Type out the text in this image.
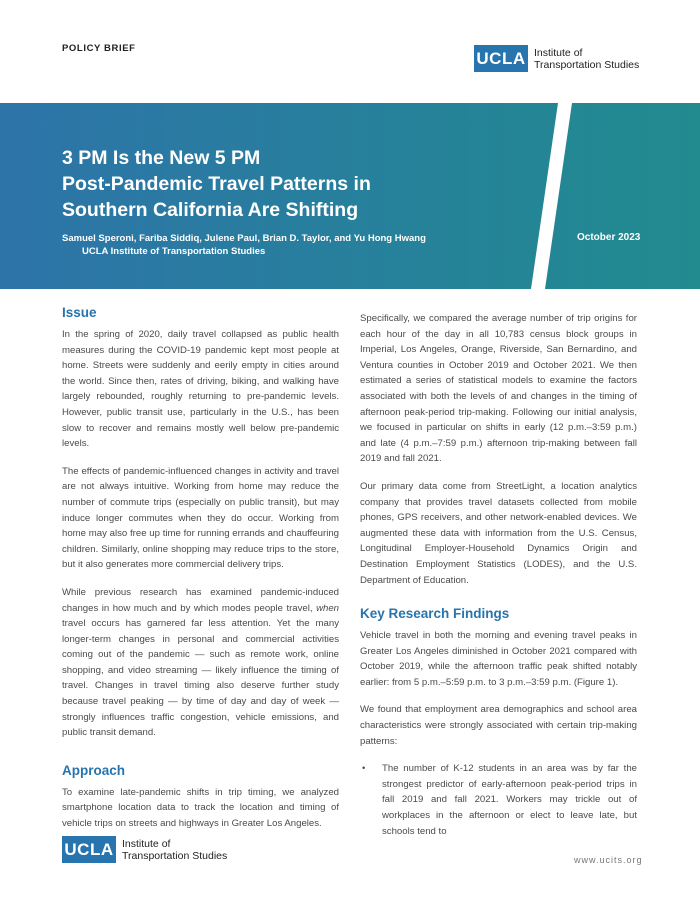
POLICY BRIEF	UCLA Institute of
Transportation Studies
3 PM Is the New 5 PM
Post-Pandemic Travel Patterns in
Southern California Are Shifting
Samuel Speroni, Fariba Siddiq, Julene Paul, Brian D. Taylor, and Yu Hong Hwang
UCLA Institute of Transportation Studies
October 2023
Issue

In the spring of 2020, daily travel collapsed as public health measures during the COVID-19 pandemic kept most people at home. Streets were suddenly and eerily empty in cities around the world. Since then, rates of driving, biking, and walking have largely rebounded, roughly returning to pre-pandemic levels. However, public transit use, particularly in the U.S., has been slow to recover and remains mostly well below pre-pandemic levels.

The effects of pandemic-influenced changes in activity and travel are not always intuitive. Working from home may reduce the number of commute trips (especially on public transit), but may induce longer commutes when they do occur. Working from home may also free up time for running errands and chauffeuring children. Similarly, online shopping may reduce trips to the store, but it also generates more commercial delivery trips.

While previous research has examined pandemic-induced changes in how much and by which modes people travel, when travel occurs has garnered far less attention. Yet the many longer-term changes in personal and commercial activities coming out of the pandemic — such as remote work, online shopping, and video streaming — likely influence the timing of travel. Changes in travel timing also deserve further study because travel peaking — by time of day and day of week — strongly influences traffic congestion, vehicle emissions, and public transit demand.

Approach

To examine late-pandemic shifts in trip timing, we analyzed smartphone location data to track the location and timing of vehicle trips on streets and highways in Greater Los Angeles.

Specifically, we compared the average number of trip origins for each hour of the day in all 10,783 census block groups in Imperial, Los Angeles, Orange, Riverside, San Bernardino, and Ventura counties in October 2019 and October 2021. We then estimated a series of statistical models to examine the factors associated with both the levels of and changes in the timing of afternoon peak-period trip-making. Following our initial analysis, we focused in particular on shifts in early (12 p.m.–3:59 p.m.) and late (4 p.m.–7:59 p.m.) afternoon trip-making between fall 2019 and fall 2021.

Our primary data come from StreetLight, a location analytics company that provides travel datasets collected from mobile phones, GPS receivers, and other network-enabled devices. We augmented these data with information from the U.S. Census, Longitudinal Employer-Household Dynamics Origin and Destination Employment Statistics (LODES), and the U.S. Department of Education.

Key Research Findings

Vehicle travel in both the morning and evening travel peaks in Greater Los Angeles diminished in October 2021 compared with October 2019, while the afternoon traffic peak shifted notably earlier: from 5 p.m.–5:59 p.m. to 3 p.m.–3:59 p.m. (Figure 1).

We found that employment area demographics and school area characteristics were strongly associated with certain trip-making patterns:

• The number of K-12 students in an area was by far the strongest predictor of early-afternoon peak-period trips in fall 2019 and fall 2021. Workers may trickle out of workplaces in the afternoon or elect to leave late, but schools tend to
UCLA Institute of
Transportation Studies	www.ucits.org
